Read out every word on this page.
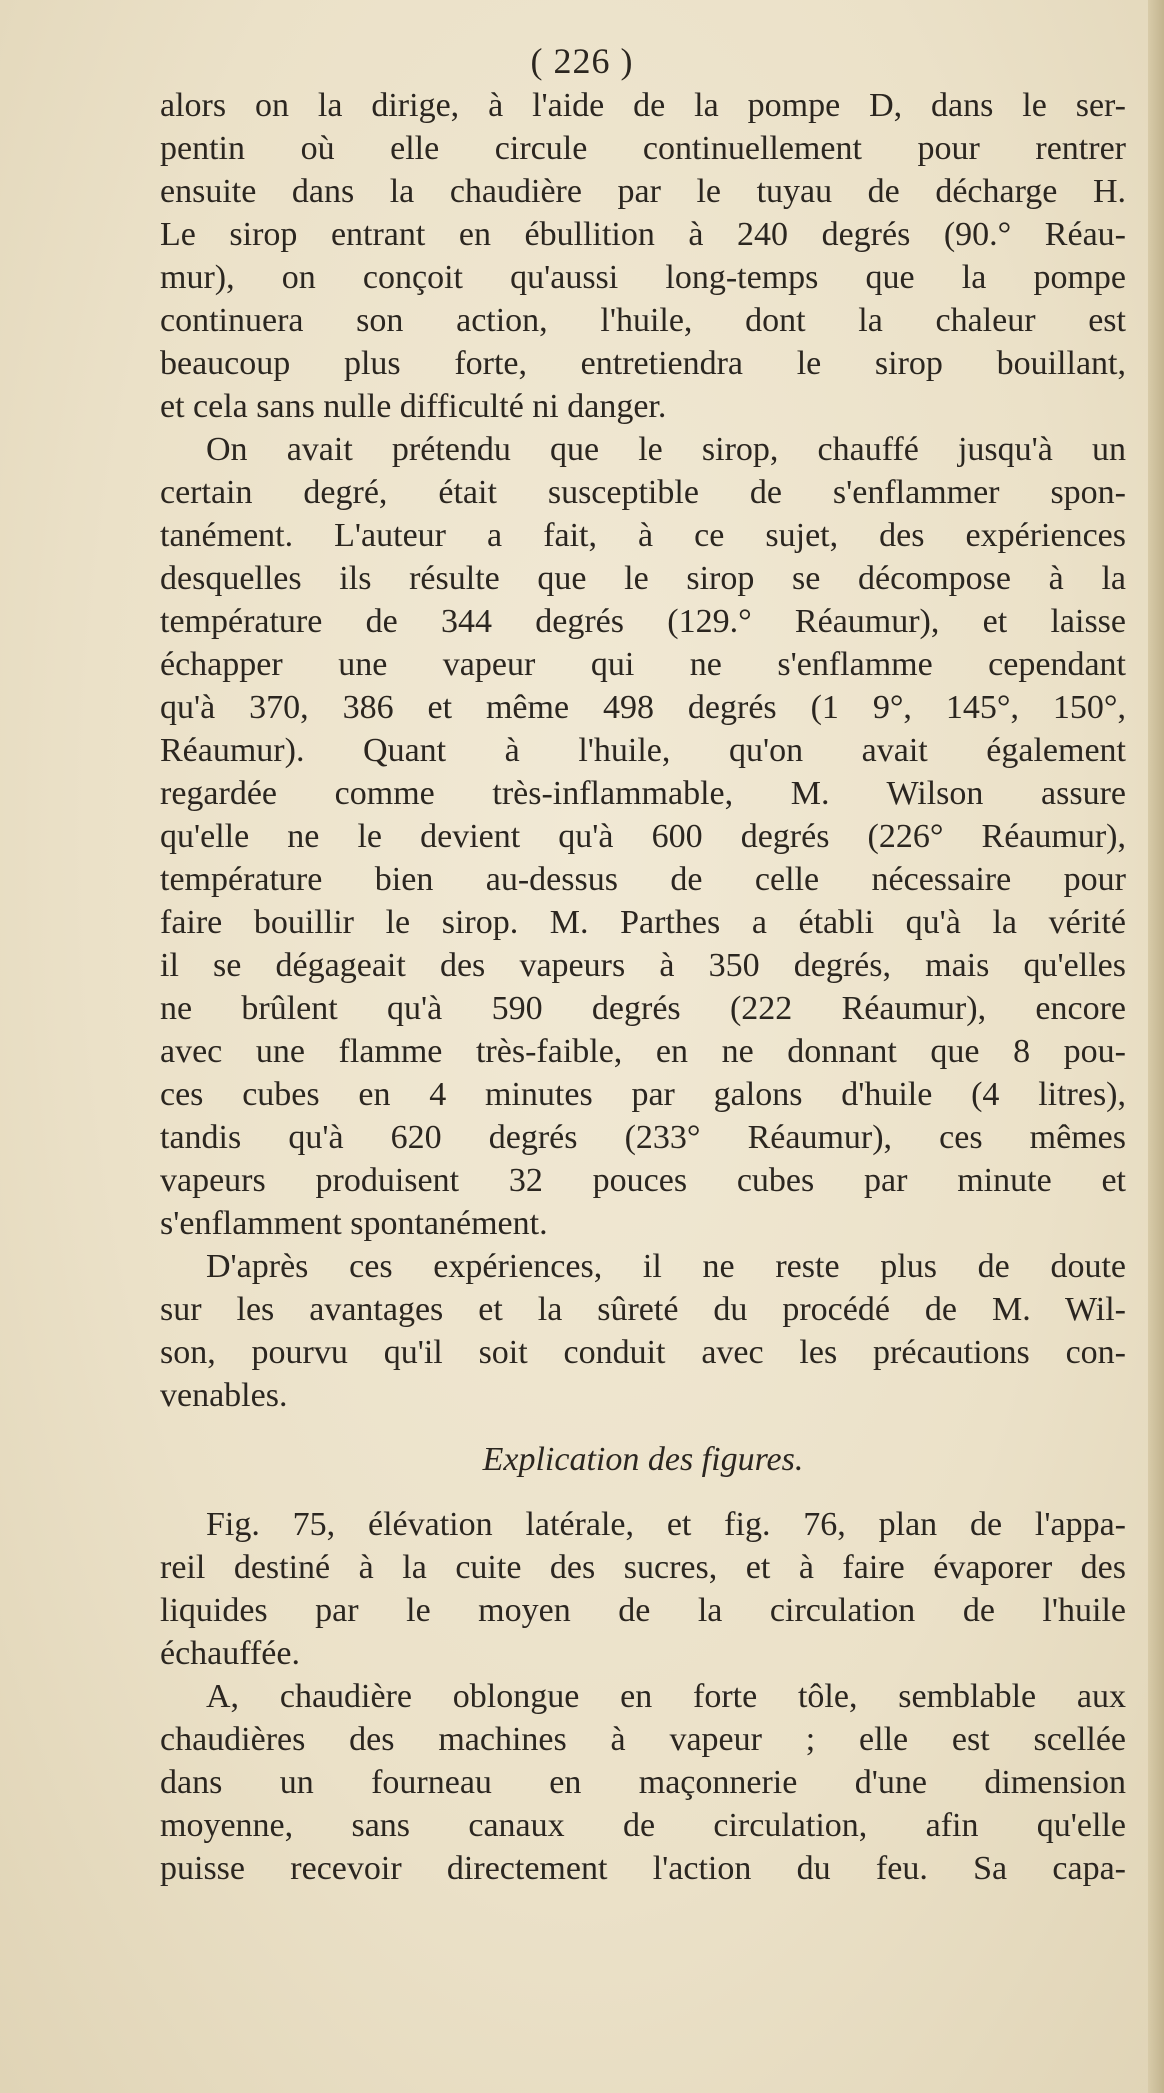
( 226 )
alors on la dirige, à l'aide de la pompe D, dans le ser-
pentin où elle circule continuellement pour rentrer
ensuite dans la chaudière par le tuyau de décharge H.
Le sirop entrant en ébullition à 240 degrés (90.° Réau-
mur), on conçoit qu'aussi long-temps que la pompe
continuera son action, l'huile, dont la chaleur est
beaucoup plus forte, entretiendra le sirop bouillant,
et cela sans nulle difficulté ni danger.
On avait prétendu que le sirop, chauffé jusqu'à un
certain degré, était susceptible de s'enflammer spon-
tanément. L'auteur a fait, à ce sujet, des expériences
desquelles ils résulte que le sirop se décompose à la
température de 344 degrés (129.° Réaumur), et laisse
échapper une vapeur qui ne s'enflamme cependant
qu'à 370, 386 et même 498 degrés (1 9°, 145°, 150°,
Réaumur). Quant à l'huile, qu'on avait également
regardée comme très-inflammable, M. Wilson assure
qu'elle ne le devient qu'à 600 degrés (226° Réaumur),
température bien au-dessus de celle nécessaire pour
faire bouillir le sirop. M. Parthes a établi qu'à la vérité
il se dégageait des vapeurs à 350 degrés, mais qu'elles
ne brûlent qu'à 590 degrés (222 Réaumur), encore
avec une flamme très-faible, en ne donnant que 8 pou-
ces cubes en 4 minutes par galons d'huile (4 litres),
tandis qu'à 620 degrés (233° Réaumur), ces mêmes
vapeurs produisent 32 pouces cubes par minute et
s'enflamment spontanément.
D'après ces expériences, il ne reste plus de doute
sur les avantages et la sûreté du procédé de M. Wil-
son, pourvu qu'il soit conduit avec les précautions con-
venables.
Explication des figures.
Fig. 75, élévation latérale, et fig. 76, plan de l'appa-
reil destiné à la cuite des sucres, et à faire évaporer des
liquides par le moyen de la circulation de l'huile
échauffée.
A, chaudière oblongue en forte tôle, semblable aux
chaudières des machines à vapeur ; elle est scellée
dans un fourneau en maçonnerie d'une dimension
moyenne, sans canaux de circulation, afin qu'elle
puisse recevoir directement l'action du feu. Sa capa-
